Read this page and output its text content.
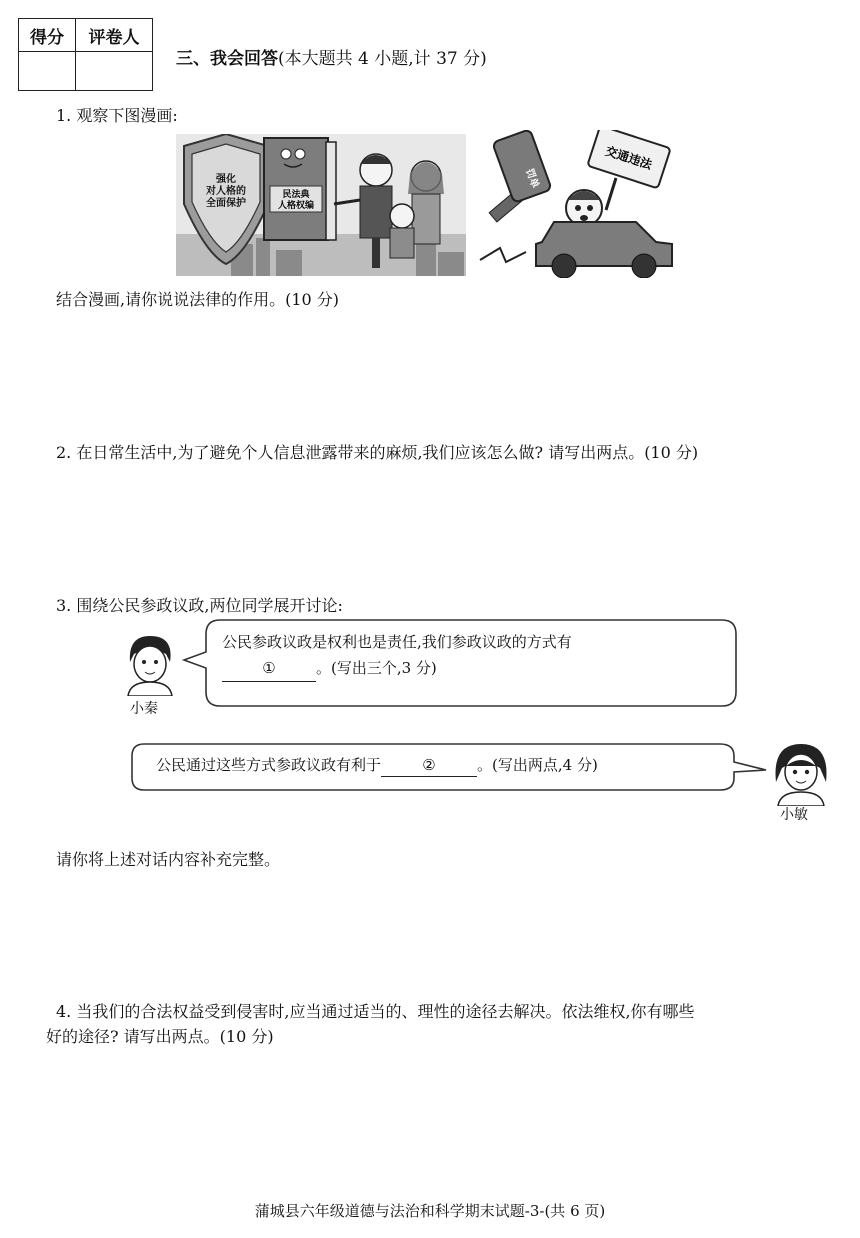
得分	评卷人

三、我会回答(本大题共 4 小题,计 37 分)
1. 观察下图漫画:
强化对人格的全面保护
民法典人格权编
罚单
交通违法
结合漫画,请你说说法律的作用。(10 分)
2. 在日常生活中,为了避免个人信息泄露带来的麻烦,我们应该怎么做? 请写出两点。(10 分)
3. 围绕公民参政议政,两位同学展开讨论:
小秦
公民参政议政是权利也是责任,我们参政议政的方式有
①	。(写出三个,3 分)
公民通过这些方式参政议政有利于	②	。(写出两点,4 分)
小敏
请你将上述对话内容补充完整。
4. 当我们的合法权益受到侵害时,应当通过适当的、理性的途径去解决。依法维权,你有哪些
好的途径? 请写出两点。(10 分)
蒲城县六年级道德与法治和科学期末试题-3-(共 6 页)
